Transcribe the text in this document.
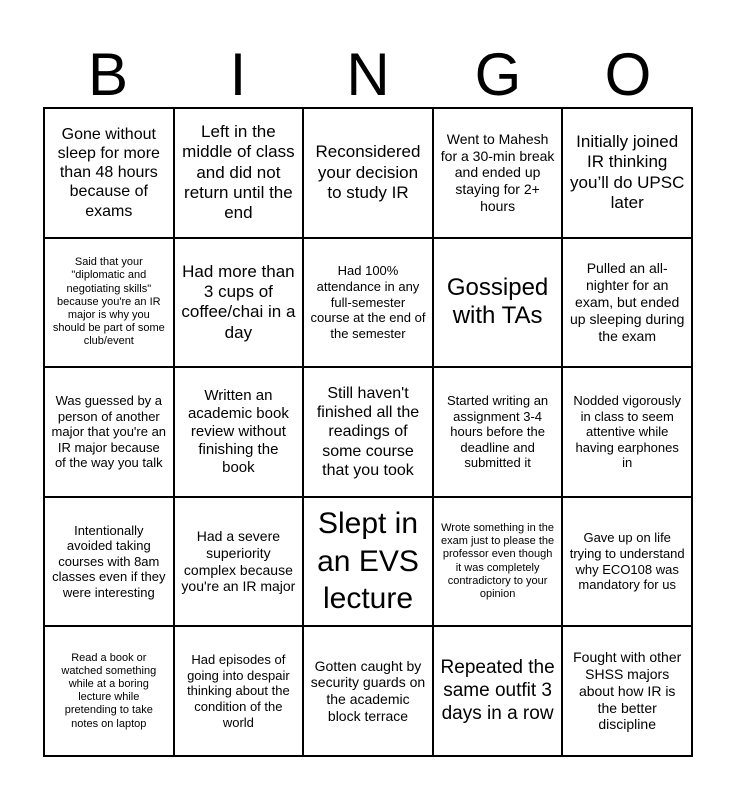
B	I	N	G	O
Gone without sleep for more than 48 hours because of exams
Left in the middle of class and did not return until the end
Reconsidered your decision to study IR
Went to Mahesh for a 30-min break and ended up staying for 2+ hours
Initially joined IR thinking you’ll do UPSC later
Said that your "diplomatic and negotiating skills" because you're an IR major is why you should be part of some club/event
Had more than 3 cups of coffee/chai in a day
Had 100% attendance in any full-semester course at the end of the semester
Gossiped with TAs
Pulled an all-nighter for an exam, but ended up sleeping during the exam
Was guessed by a person of another major that you're an IR major because of the way you talk
Written an academic book review without finishing the book
Still haven't finished all the readings of some course that you took
Started writing an assignment 3-4 hours before the deadline and submitted it
Nodded vigorously in class to seem attentive while having earphones in
Intentionally avoided taking courses with 8am classes even if they were interesting
Had a severe superiority complex because you're an IR major
Slept in an EVS lecture
Wrote something in the exam just to please the professor even though it was completely contradictory to your opinion
Gave up on life trying to understand why ECO108 was mandatory for us
Read a book or watched something while at a boring lecture while pretending to take notes on laptop
Had episodes of going into despair thinking about the condition of the world
Gotten caught by security guards on the academic block terrace
Repeated the same outfit 3 days in a row
Fought with other SHSS majors about how IR is the better discipline
